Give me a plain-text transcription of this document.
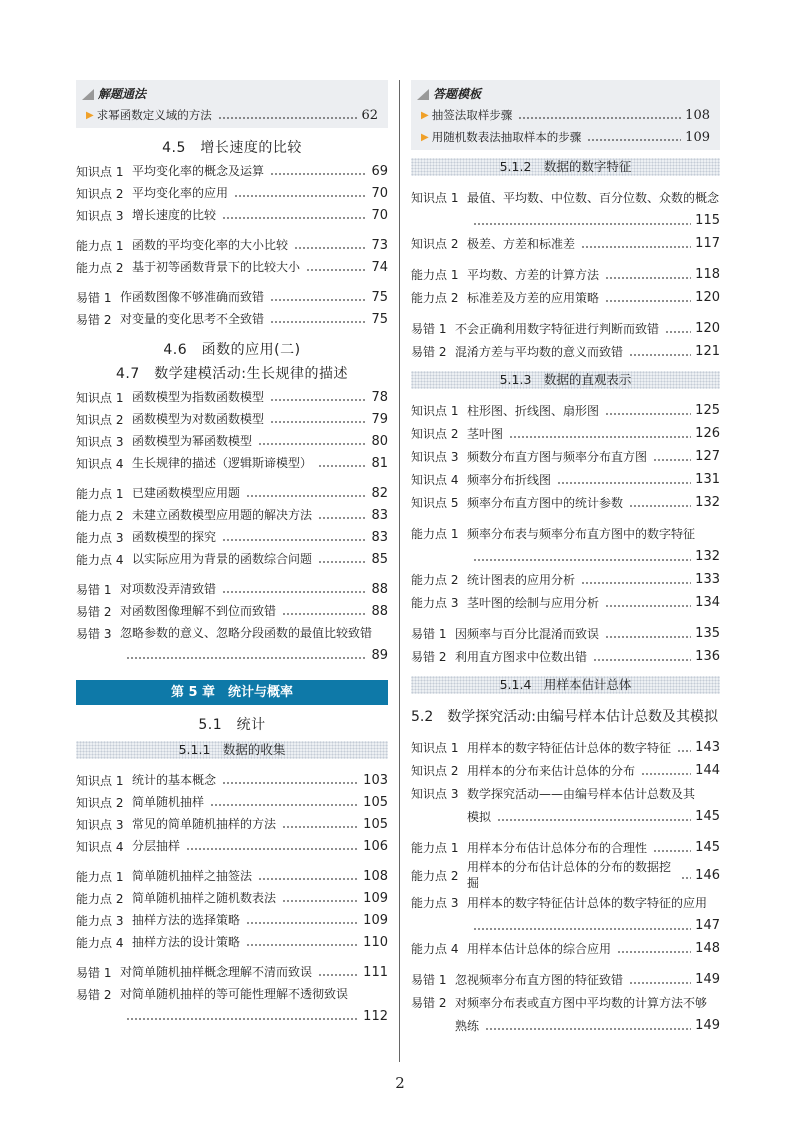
解题通法
▶ 求幂函数定义域的方法	62
4.5　增长速度的比较
知识点 1 平均变化率的概念及运算	69
知识点 2 平均变化率的应用	70
知识点 3 增长速度的比较	70
能力点 1 函数的平均变化率的大小比较	73
能力点 2 基于初等函数背景下的比较大小	74
易错 1 作函数图像不够准确而致错	75
易错 2 对变量的变化思考不全致错	75
4.6　函数的应用(二)
4.7　数学建模活动:生长规律的描述
知识点 1 函数模型为指数函数模型	78
知识点 2 函数模型为对数函数模型	79
知识点 3 函数模型为幂函数模型	80
知识点 4 生长规律的描述（逻辑斯谛模型）	81
能力点 1 已建函数模型应用题	82
能力点 2 未建立函数模型应用题的解决方法	83
能力点 3 函数模型的探究	83
能力点 4 以实际应用为背景的函数综合问题	85
易错 1 对项数没弄清致错	88
易错 2 对函数图像理解不到位而致错	88
易错 3 忽略参数的意义、忽略分段函数的最值比较致错
89
第 5 章　统计与概率
5.1　统计
5.1.1　数据的收集
知识点 1 统计的基本概念	103
知识点 2 简单随机抽样	105
知识点 3 常见的简单随机抽样的方法	105
知识点 4 分层抽样	106
能力点 1 简单随机抽样之抽签法	108
能力点 2 简单随机抽样之随机数表法	109
能力点 3 抽样方法的选择策略	109
能力点 4 抽样方法的设计策略	110
易错 1 对简单随机抽样概念理解不清而致误	111
易错 2 对简单随机抽样的等可能性理解不透彻致误
112
答题模板
▶ 抽签法取样步骤	108
▶ 用随机数表法抽取样本的步骤	109
5.1.2　数据的数字特征
知识点 1 最值、平均数、中位数、百分位数、众数的概念
115
知识点 2 极差、方差和标准差	117
能力点 1 平均数、方差的计算方法	118
能力点 2 标准差及方差的应用策略	120
易错 1 不会正确利用数字特征进行判断而致错	120
易错 2 混淆方差与平均数的意义而致错	121
5.1.3　数据的直观表示
知识点 1 柱形图、折线图、扇形图	125
知识点 2 茎叶图	126
知识点 3 频数分布直方图与频率分布直方图	127
知识点 4 频率分布折线图	131
知识点 5 频率分布直方图中的统计参数	132
能力点 1 频率分布表与频率分布直方图中的数字特征
132
能力点 2 统计图表的应用分析	133
能力点 3 茎叶图的绘制与应用分析	134
易错 1 因频率与百分比混淆而致误	135
易错 2 利用直方图求中位数出错	136
5.1.4　用样本估计总体
5.2　数学探究活动:由编号样本估计总数及其模拟
知识点 1 用样本的数字特征估计总体的数字特征 143
知识点 2 用样本的分布来估计总体的分布	144
知识点 3 数学探究活动——由编号样本估计总数及其
模拟	145
能力点 1 用样本分布估计总体分布的合理性	145
能力点 2
用样本的分布估计总体的分布的数据挖掘
146
能力点 3 用样本的数字特征估计总体的数字特征的应用
147
能力点 4 用样本估计总体的综合应用	148
易错 1 忽视频率分布直方图的特征致错	149
易错 2 对频率分布表或直方图中平均数的计算方法不够
熟练	149
2
